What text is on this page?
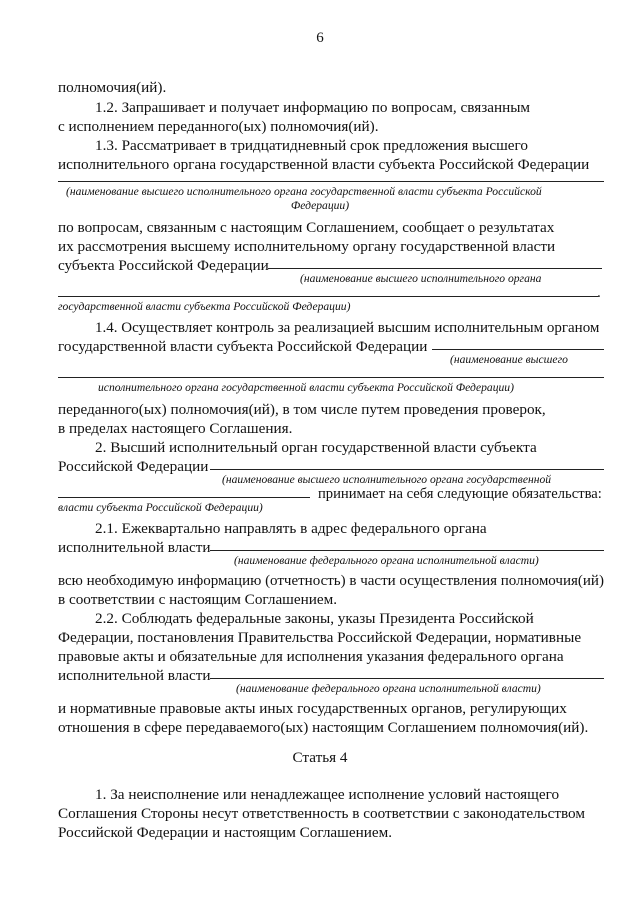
6
полномочия(ий).
1.2. Запрашивает и получает информацию по вопросам, связанным
с исполнением переданного(ых) полномочия(ий).
1.3. Рассматривает в тридцатидневный срок предложения высшего
исполнительного органа государственной власти субъекта Российской Федерации
(наименование высшего исполнительного органа государственной власти субъекта Российской
Федерации)
по вопросам, связанным с настоящим Соглашением, сообщает о результатах
их рассмотрения высшему исполнительному органу государственной власти
субъекта Российской Федерации
(наименование высшего исполнительного органа
.
государственной власти субъекта Российской Федерации)
1.4. Осуществляет контроль за реализацией высшим исполнительным органом
государственной власти субъекта Российской Федерации
(наименование высшего
исполнительного органа государственной власти субъекта Российской Федерации)
переданного(ых) полномочия(ий), в том числе путем проведения проверок,
в пределах настоящего Соглашения.
2. Высший исполнительный орган государственной власти субъекта
Российской Федерации
(наименование высшего исполнительного органа государственной
принимает на себя следующие обязательства:
власти субъекта Российской Федерации)
2.1. Ежеквартально направлять в адрес федерального органа
исполнительной власти
(наименование федерального органа исполнительной власти)
всю необходимую информацию (отчетность) в части осуществления полномочия(ий)
в соответствии с настоящим Соглашением.
2.2. Соблюдать федеральные законы, указы Президента Российской
Федерации, постановления Правительства Российской Федерации, нормативные
правовые акты и обязательные для исполнения указания федерального органа
исполнительной власти
(наименование федерального органа исполнительной власти)
и нормативные правовые акты иных государственных органов, регулирующих
отношения в сфере передаваемого(ых) настоящим Соглашением полномочия(ий).
Статья 4
1. За неисполнение или ненадлежащее исполнение условий настоящего
Соглашения Стороны несут ответственность в соответствии с законодательством
Российской Федерации и настоящим Соглашением.
